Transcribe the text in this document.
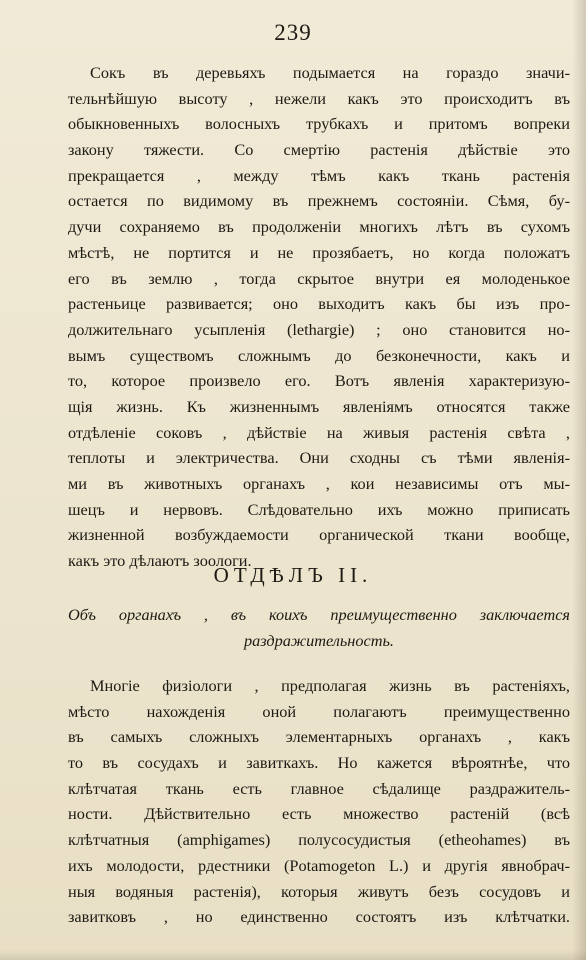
239
Сокъ въ деревьяхъ подымается на гораздо значи-
тельнѣйшую высоту , нежели какъ это происходитъ въ
обыкновенныхъ волосныхъ трубкахъ и притомъ вопреки
закону тяжести. Со смертію растенія дѣйствіе это
прекращается , между тѣмъ какъ ткань растенія
остается по видимому въ прежнемъ состояніи. Сѣмя, бу-
дучи сохраняемо въ продолженіи многихъ лѣтъ въ сухомъ
мѣстѣ, не портится и не прозябаетъ, но когда положатъ
его въ землю , тогда скрытое внутри ея молоденькое
растеньице развивается; оно выходитъ какъ бы изъ про-
должительнаго усыпленія (lethargie) ; оно становится но-
вымъ существомъ сложнымъ до безконечности, какъ и
то, которое произвело его. Вотъ явленія характеризую-
щія жизнь. Къ жизненнымъ явленіямъ относятся также
отдѣленіе соковъ , дѣйствіе на живыя растенія свѣта ,
теплоты и электричества. Они сходны съ тѣми явленія-
ми въ животныхъ органахъ , кои независимы отъ мы-
шецъ и нервовъ. Слѣдовательно ихъ можно приписать
жизненной возбуждаемости органической ткани вообще,
какъ это дѣлаютъ зоологи.
ОТДѢЛЪ II.
Объ органахъ , въ коихъ преимущественно заключается
раздражительность.
Многіе физіологи , предполагая жизнь въ растеніяхъ,
мѣсто нахожденія оной полагаютъ преимущественно
въ самыхъ сложныхъ элементарныхъ органахъ , какъ
то въ сосудахъ и завиткахъ. Но кажется вѣроятнѣе, что
клѣтчатая ткань есть главное сѣдалище раздражитель-
ности. Дѣйствительно есть множество растеній (всѣ
клѣтчатныя (amphigames) полусосудистыя (etheohames) въ
ихъ молодости, рдестники (Potamogeton L.) и другія явнобрач-
ныя водяныя растенія), которыя живутъ безъ сосудовъ и
завитковъ , но единственно состоятъ изъ клѣтчатки.
